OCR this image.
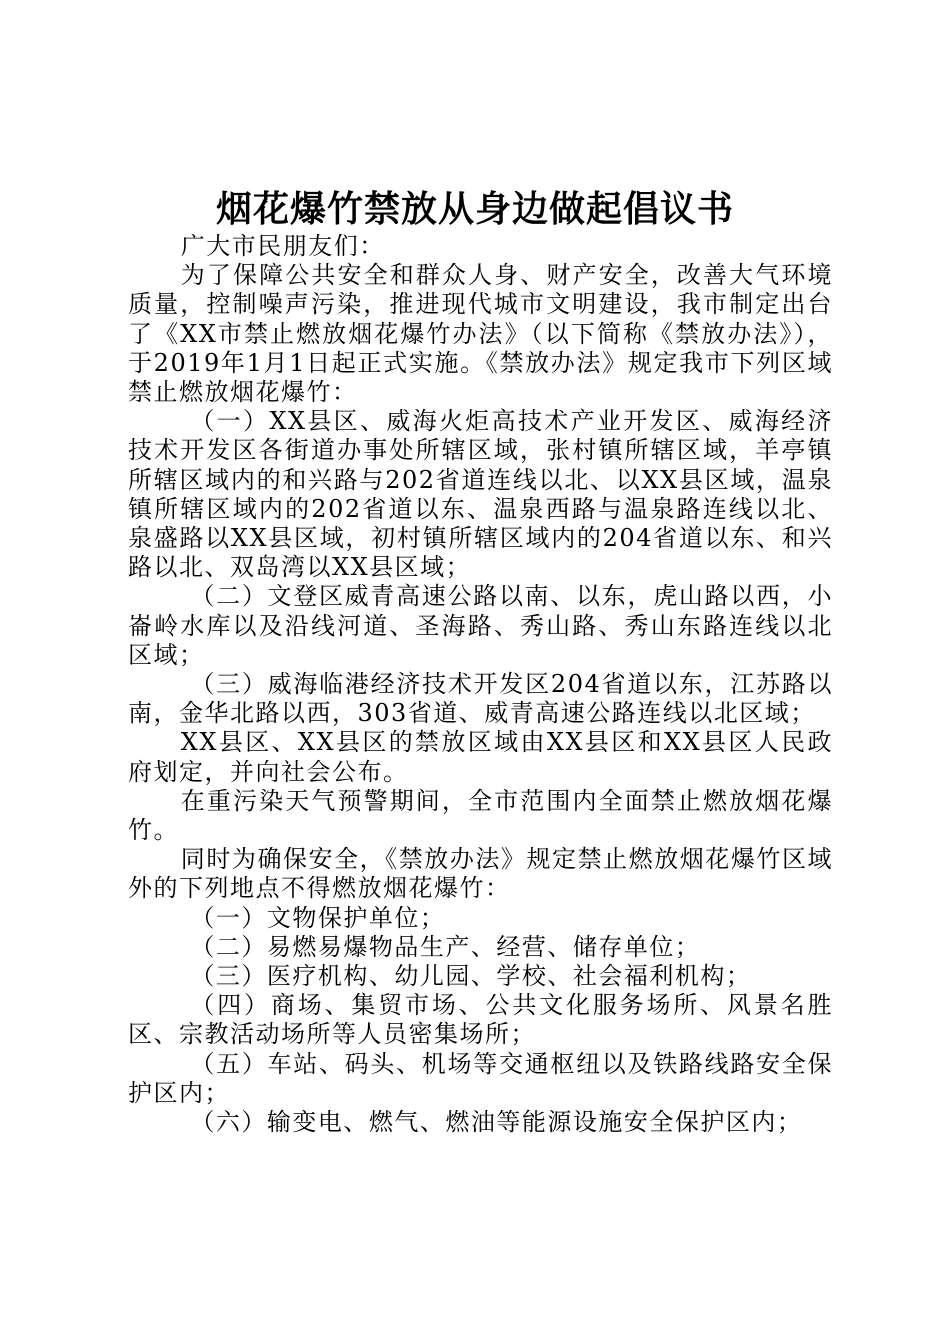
烟花爆竹禁放从身边做起倡议书

广大市民朋友们：

为了保障公共安全和群众人身、财产安全，改善大气环境质量，控制噪声污染，推进现代城市文明建设，我市制定出台了《XX市禁止燃放烟花爆竹办法》（以下简称《禁放办法》），于2019年1月1日起正式实施。《禁放办法》规定我市下列区域禁止燃放烟花爆竹：

（一）XX县区、威海火炬高技术产业开发区、威海经济技术开发区各街道办事处所辖区域，张村镇所辖区域，羊亭镇所辖区域内的和兴路与202省道连线以北、以XX县区域，温泉镇所辖区域内的202省道以东、温泉西路与温泉路连线以北、泉盛路以XX县区域，初村镇所辖区域内的204省道以东、和兴路以北、双岛湾以XX县区域；

（二）文登区威青高速公路以南、以东，虎山路以西，小崙岭水库以及沿线河道、圣海路、秀山路、秀山东路连线以北区域；

（三）威海临港经济技术开发区204省道以东，江苏路以南，金华北路以西，303省道、威青高速公路连线以北区域；

XX县区、XX县区的禁放区域由XX县区和XX县区人民政府划定，并向社会公布。

在重污染天气预警期间，全市范围内全面禁止燃放烟花爆竹。

同时为确保安全，《禁放办法》规定禁止燃放烟花爆竹区域外的下列地点不得燃放烟花爆竹：

（一）文物保护单位；

（二）易燃易爆物品生产、经营、储存单位；

（三）医疗机构、幼儿园、学校、社会福利机构；

（四）商场、集贸市场、公共文化服务场所、风景名胜区、宗教活动场所等人员密集场所；

（五）车站、码头、机场等交通枢纽以及铁路线路安全保护区内；

（六）输变电、燃气、燃油等能源设施安全保护区内；
